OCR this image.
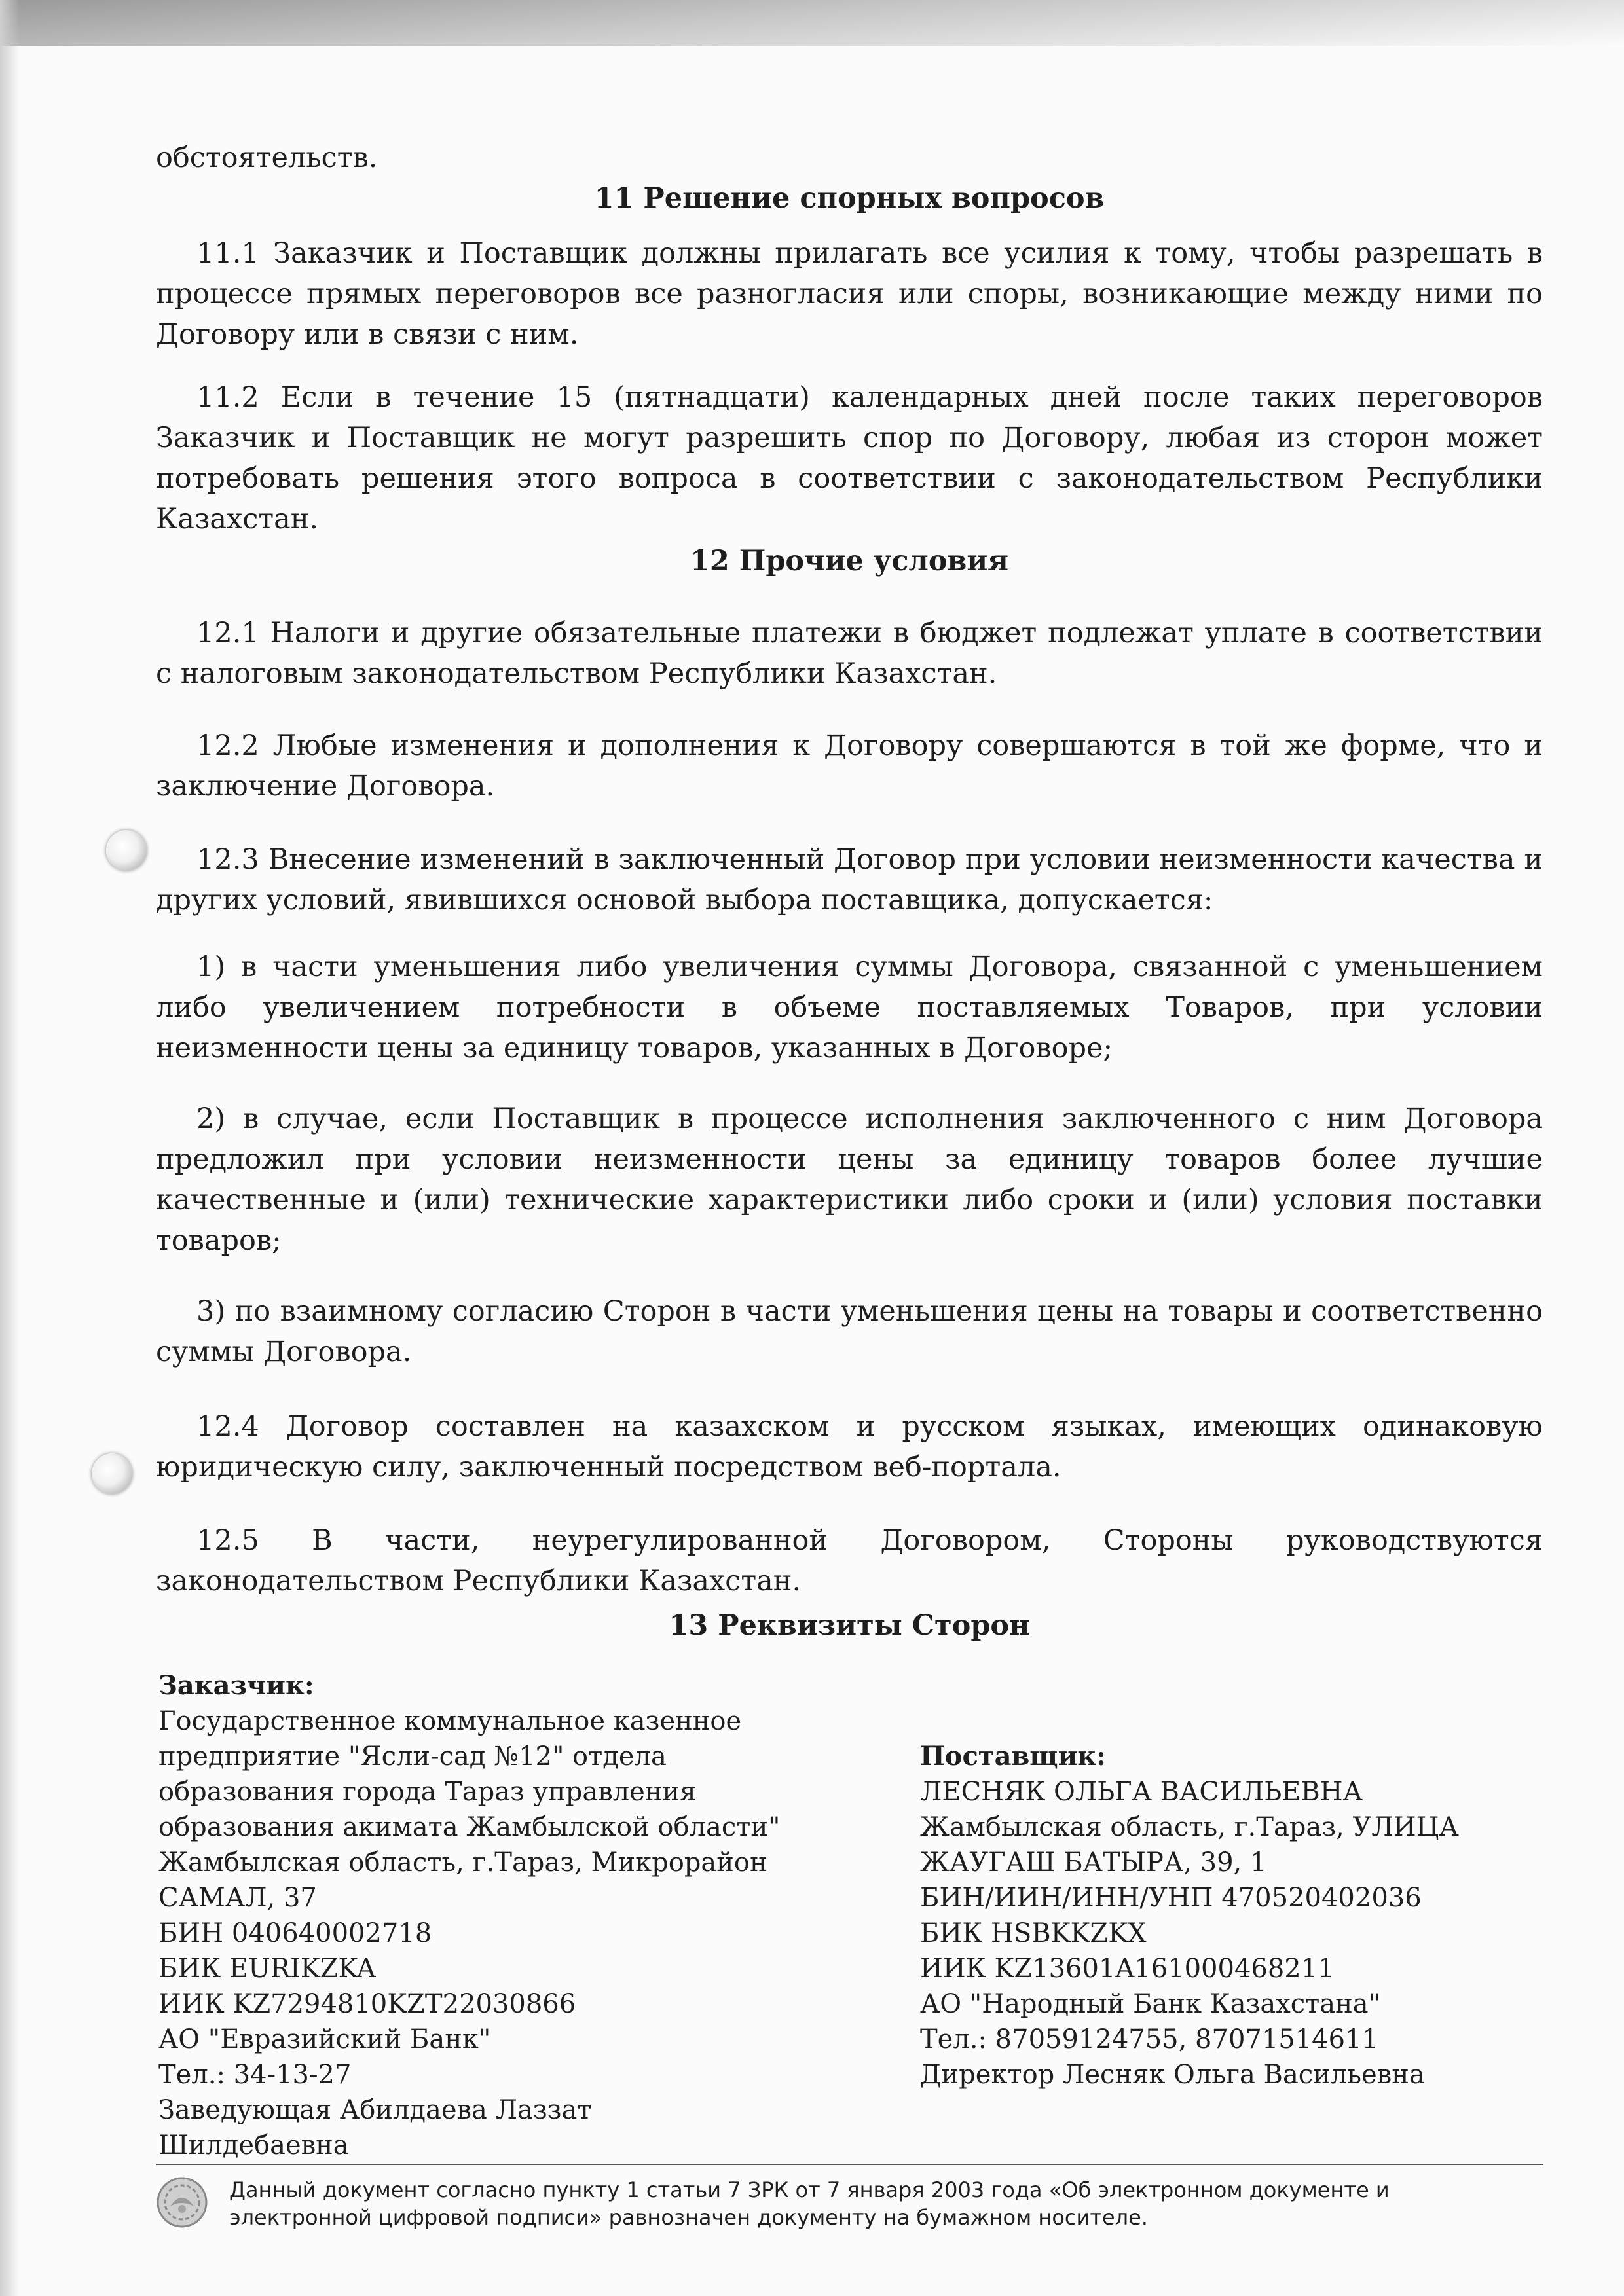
обстоятельств.

11 Решение спорных вопросов

11.1 Заказчик и Поставщик должны прилагать все усилия к тому, чтобы разрешать в процессе прямых переговоров все разногласия или споры, возникающие между ними по Договору или в связи с ним.

11.2 Если в течение 15 (пятнадцати) календарных дней после таких переговоров Заказчик и Поставщик не могут разрешить спор по Договору, любая из сторон может потребовать решения этого вопроса в соответствии с законодательством Республики Казахстан.

12 Прочие условия

12.1 Налоги и другие обязательные платежи в бюджет подлежат уплате в соответствии с налоговым законодательством Республики Казахстан.

12.2 Любые изменения и дополнения к Договору совершаются в той же форме, что и заключение Договора.

12.3 Внесение изменений в заключенный Договор при условии неизменности качества и других условий, явившихся основой выбора поставщика, допускается:

1) в части уменьшения либо увеличения суммы Договора, связанной с уменьшением либо увеличением потребности в объеме поставляемых Товаров, при условии неизменности цены за единицу товаров, указанных в Договоре;

2) в случае, если Поставщик в процессе исполнения заключенного с ним Договора предложил при условии неизменности цены за единицу товаров более лучшие качественные и (или) технические характеристики либо сроки и (или) условия поставки товаров;

3) по взаимному согласию Сторон в части уменьшения цены на товары и соответственно суммы Договора.

12.4 Договор составлен на казахском и русском языках, имеющих одинаковую юридическую силу, заключенный посредством веб-портала.

12.5 В части, неурегулированной Договором, Стороны руководствуются законодательством Республики Казахстан.

13 Реквизиты Сторон

Заказчик:
Государственное коммунальное казенное
предприятие "Ясли-сад №12" отдела
образования города Тараз управления
образования акимата Жамбылской области"
Жамбылская область, г.Тараз, Микрорайон
САМАЛ, 37
БИН 040640002718
БИК EURIKZKA
ИИК KZ7294810KZT22030866
АО "Евразийский Банк"
Тел.: 34-13-27
Заведующая Абилдаева Лаззат
Шилдебаевна
Поставщик:
ЛЕСНЯК ОЛЬГА ВАСИЛЬЕВНА
Жамбылская область, г.Тараз, УЛИЦА
ЖАУГАШ БАТЫРА, 39, 1
БИН/ИИН/ИНН/УНП 470520402036
БИК HSBKKZKX
ИИК KZ13601A161000468211
АО "Народный Банк Казахстана"
Тел.: 87059124755, 87071514611
Директор Лесняк Ольга Васильевна
Данный документ согласно пункту 1 статьи 7 ЗРК от 7 января 2003 года «Об электронном документе и
электронной цифровой подписи» равнозначен документу на бумажном носителе.
